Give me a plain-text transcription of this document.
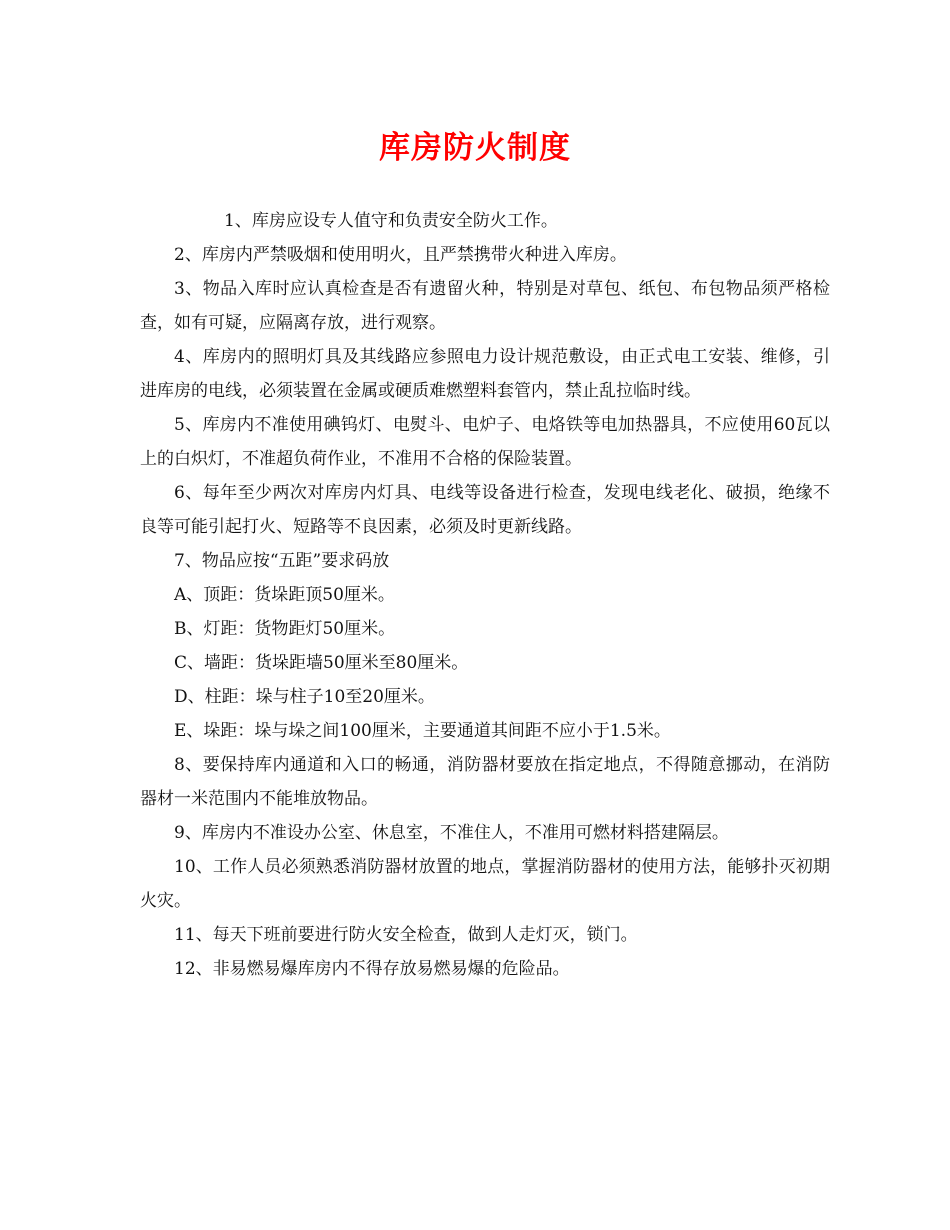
库房防火制度

1、库房应设专人值守和负责安全防火工作。

2、库房内严禁吸烟和使用明火，且严禁携带火种进入库房。

3、物品入库时应认真检查是否有遗留火种，特别是对草包、纸包、布包物品须严格检查，如有可疑，应隔离存放，进行观察。

4、库房内的照明灯具及其线路应参照电力设计规范敷设，由正式电工安装、维修，引进库房的电线，必须装置在金属或硬质难燃塑料套管内，禁止乱拉临时线。

5、库房内不准使用碘钨灯、电熨斗、电炉子、电烙铁等电加热器具，不应使用60瓦以上的白炽灯，不准超负荷作业，不准用不合格的保险装置。

6、每年至少两次对库房内灯具、电线等设备进行检查，发现电线老化、破损，绝缘不良等可能引起打火、短路等不良因素，必须及时更新线路。

7、物品应按“五距”要求码放

A、顶距：货垛距顶50厘米。

B、灯距：货物距灯50厘米。

C、墙距：货垛距墙50厘米至80厘米。

D、柱距：垛与柱子10至20厘米。

E、垛距：垛与垛之间100厘米，主要通道其间距不应小于1.5米。

8、要保持库内通道和入口的畅通，消防器材要放在指定地点，不得随意挪动，在消防器材一米范围内不能堆放物品。

9、库房内不准设办公室、休息室，不准住人，不准用可燃材料搭建隔层。

10、工作人员必须熟悉消防器材放置的地点，掌握消防器材的使用方法，能够扑灭初期火灾。

11、每天下班前要进行防火安全检查，做到人走灯灭，锁门。

12、非易燃易爆库房内不得存放易燃易爆的危险品。
